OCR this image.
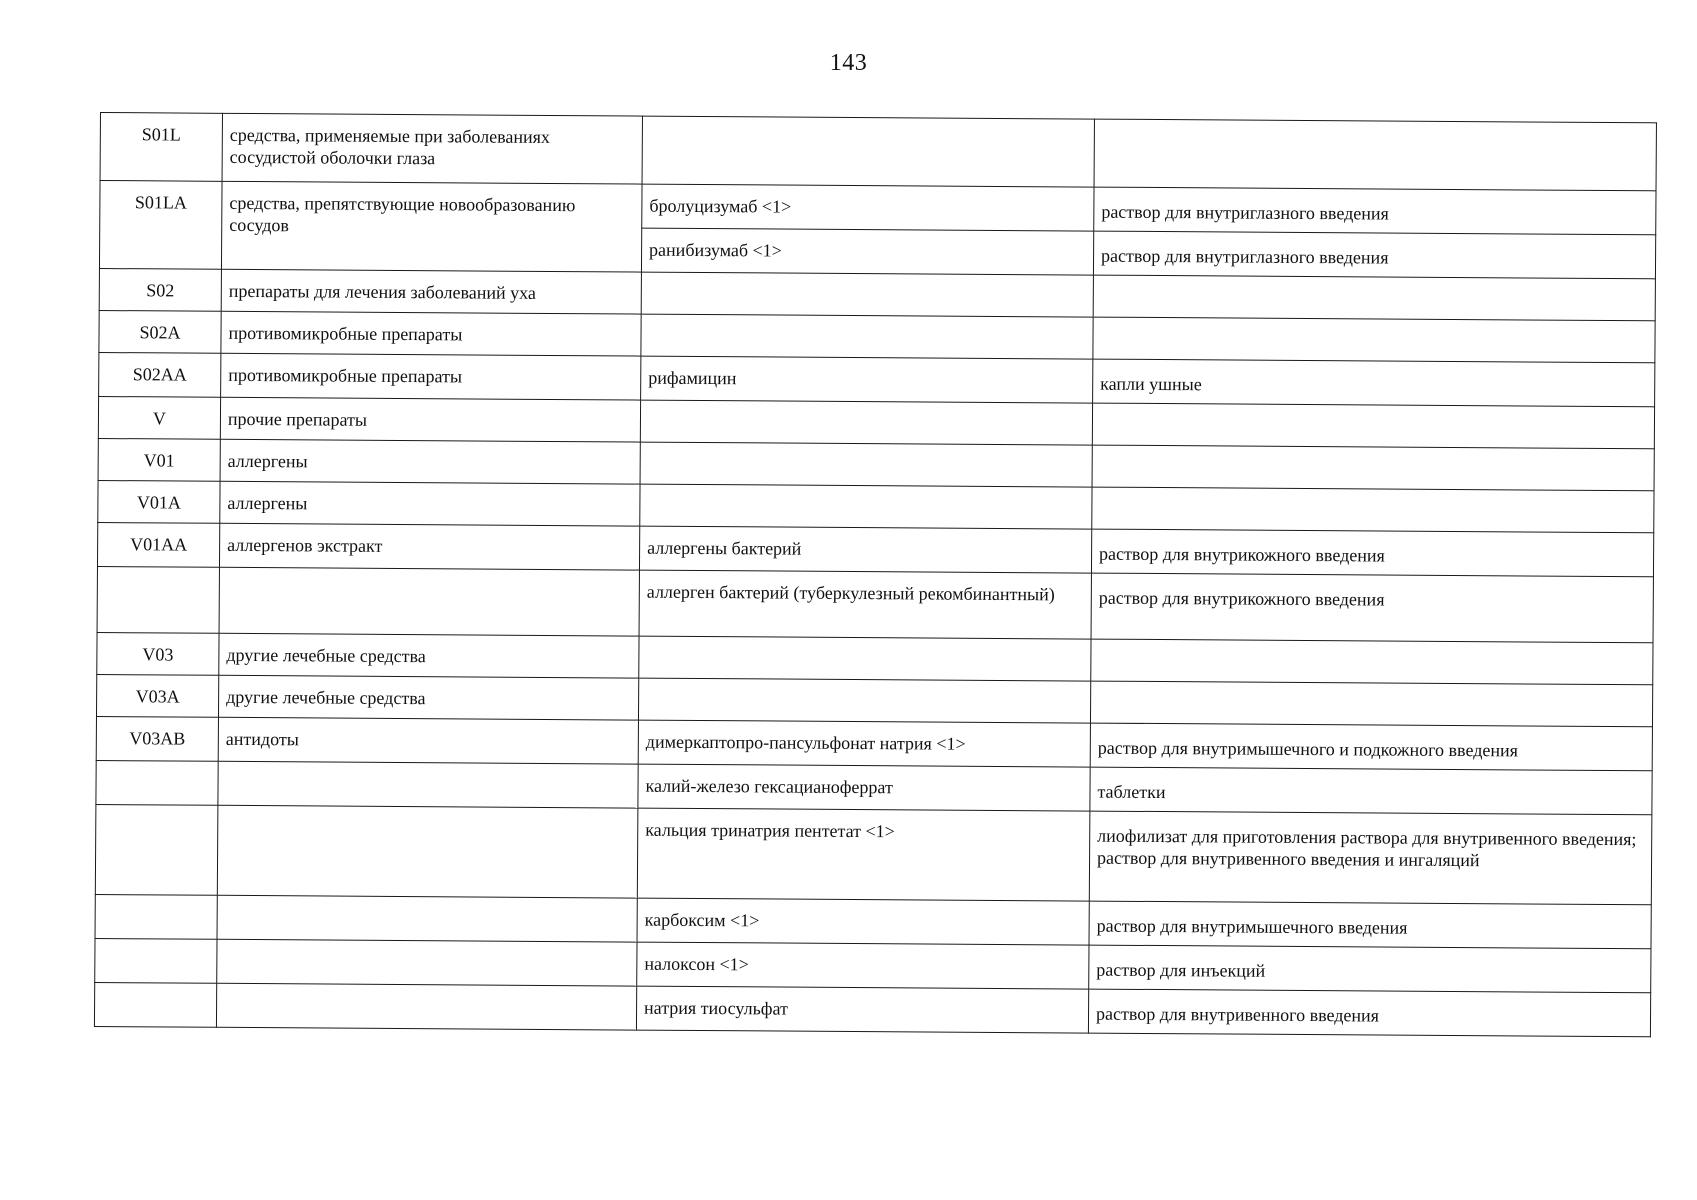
143
S01L	средства, применяемые при заболеваниях сосудистой оболочки глаза		
S01LA	средства, препятствующие новообразованию сосудов	бролуцизумаб <1>	раствор для внутриглазного введения
		ранибизумаб <1>	раствор для внутриглазного введения
S02	препараты для лечения заболеваний уха		
S02A	противомикробные препараты		
S02AA	противомикробные препараты	рифамицин	капли ушные
V	прочие препараты		
V01	аллергены		
V01A	аллергены		
V01AA	аллергенов экстракт	аллергены бактерий	раствор для внутрикожного введения
		аллерген бактерий (туберкулезный рекомбинантный)	раствор для внутрикожного введения
V03	другие лечебные средства		
V03A	другие лечебные средства		
V03AB	антидоты	димеркаптопро-пансульфонат натрия <1>	раствор для внутримышечного и подкожного введения
		калий-железо гексацианоферрат	таблетки
		кальция тринатрия пентетат <1>	лиофилизат для приготовления раствора для внутривенного введения;
раствор для внутривенного введения и ингаляций
		карбоксим <1>	раствор для внутримышечного введения
		налоксон <1>	раствор для инъекций
		натрия тиосульфат	раствор для внутривенного введения
